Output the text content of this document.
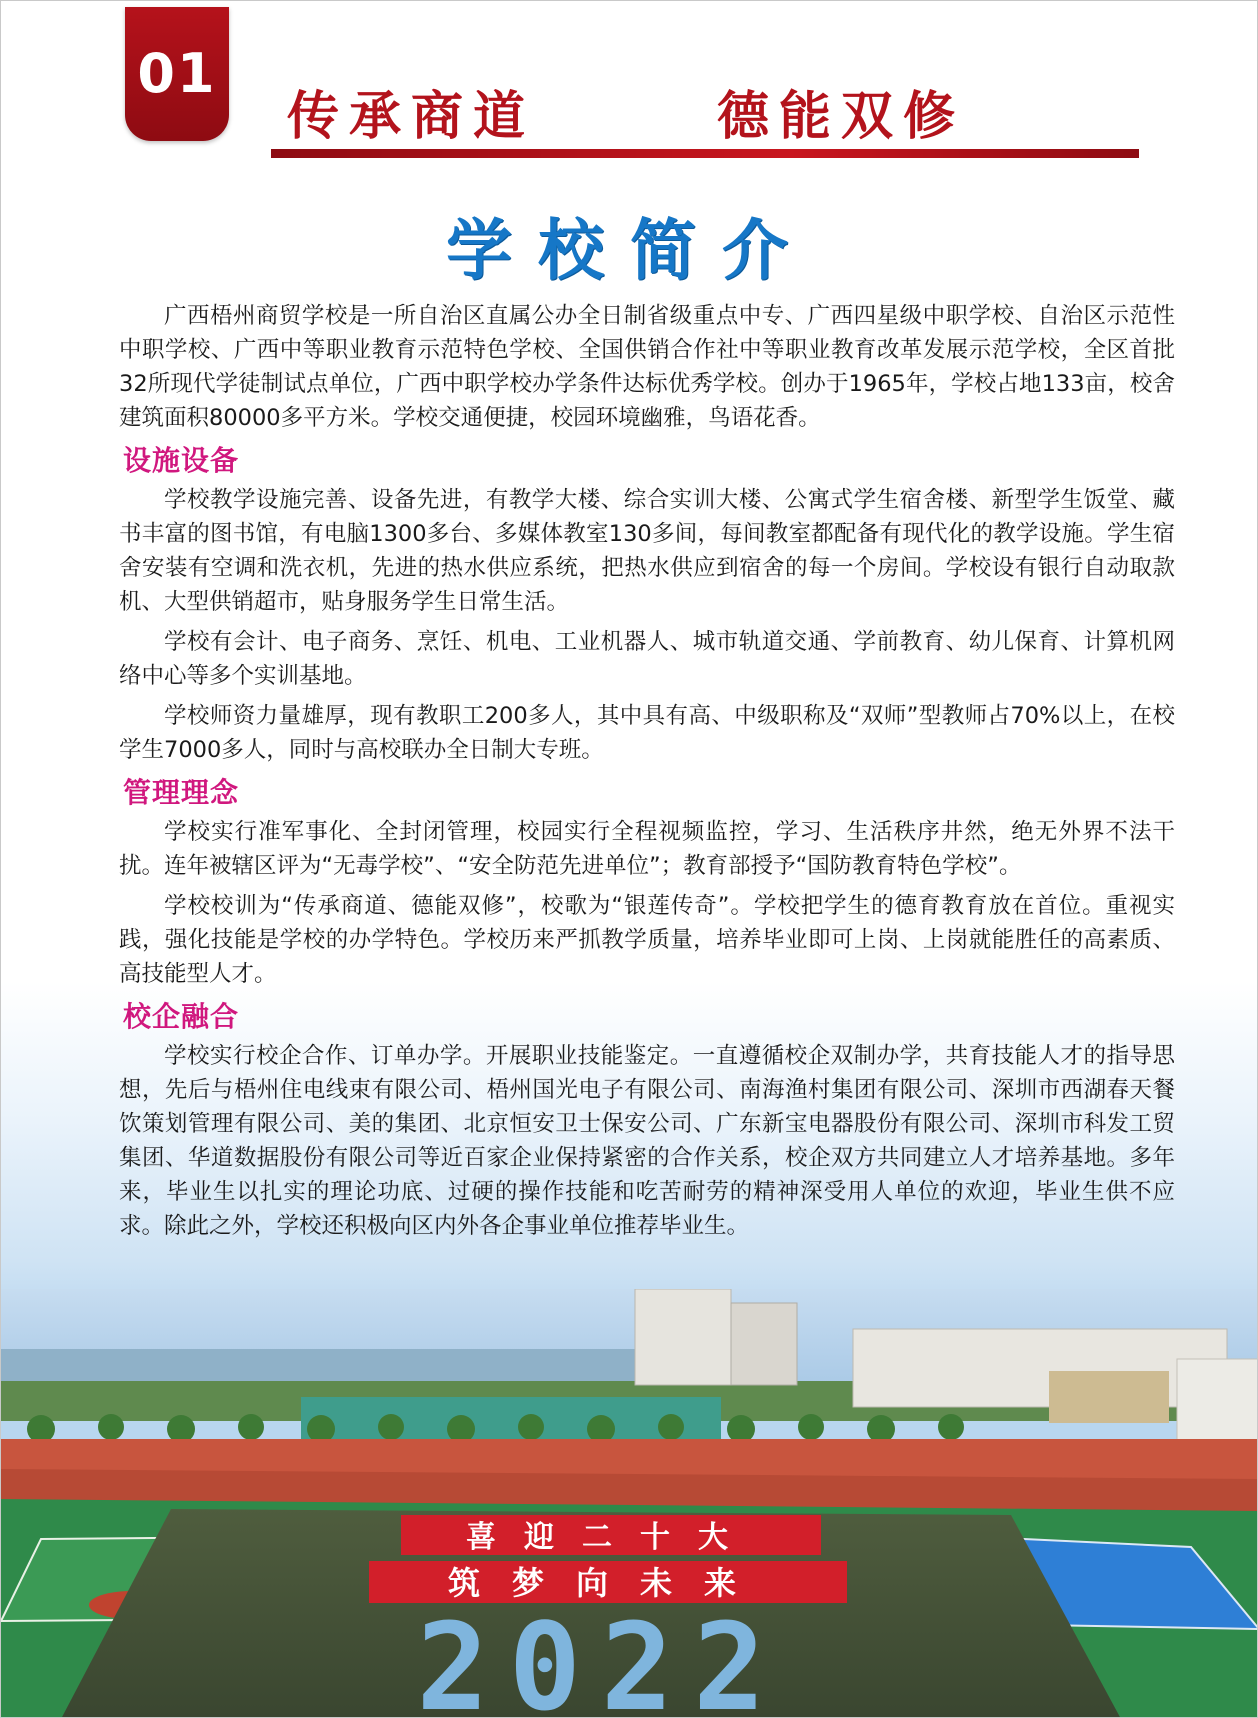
01
传承商道	德能双修
学校简介

广西梧州商贸学校是一所自治区直属公办全日制省级重点中专、广西四星级中职学校、自治区示范性中职学校、广西中等职业教育示范特色学校、全国供销合作社中等职业教育改革发展示范学校，全区首批32所现代学徒制试点单位，广西中职学校办学条件达标优秀学校。创办于1965年，学校占地133亩，校舍建筑面积80000多平方米。学校交通便捷，校园环境幽雅，鸟语花香。

设施设备

学校教学设施完善、设备先进，有教学大楼、综合实训大楼、公寓式学生宿舍楼、新型学生饭堂、藏书丰富的图书馆，有电脑1300多台、多媒体教室130多间，每间教室都配备有现代化的教学设施。学生宿舍安装有空调和洗衣机，先进的热水供应系统，把热水供应到宿舍的每一个房间。学校设有银行自动取款机、大型供销超市，贴身服务学生日常生活。

学校有会计、电子商务、烹饪、机电、工业机器人、城市轨道交通、学前教育、幼儿保育、计算机网络中心等多个实训基地。

学校师资力量雄厚，现有教职工200多人，其中具有高、中级职称及“双师”型教师占70%以上，在校学生7000多人，同时与高校联办全日制大专班。

管理理念

学校实行准军事化、全封闭管理，校园实行全程视频监控，学习、生活秩序井然，绝无外界不法干扰。连年被辖区评为“无毒学校”、“安全防范先进单位”；教育部授予“国防教育特色学校”。

学校校训为“传承商道、德能双修”，校歌为“银莲传奇”。学校把学生的德育教育放在首位。重视实践，强化技能是学校的办学特色。学校历来严抓教学质量，培养毕业即可上岗、上岗就能胜任的高素质、高技能型人才。

校企融合

学校实行校企合作、订单办学。开展职业技能鉴定。一直遵循校企双制办学，共育技能人才的指导思想，先后与梧州住电线束有限公司、梧州国光电子有限公司、南海渔村集团有限公司、深圳市西湖春天餐饮策划管理有限公司、美的集团、北京恒安卫士保安公司、广东新宝电器股份有限公司、深圳市科发工贸集团、华道数据股份有限公司等近百家企业保持紧密的合作关系，校企双方共同建立人才培养基地。多年来，毕业生以扎实的理论功底、过硬的操作技能和吃苦耐劳的精神深受用人单位的欢迎，毕业生供不应求。除此之外，学校还积极向区内外各企事业单位推荐毕业生。

喜迎二十大
筑梦向未来
2022
